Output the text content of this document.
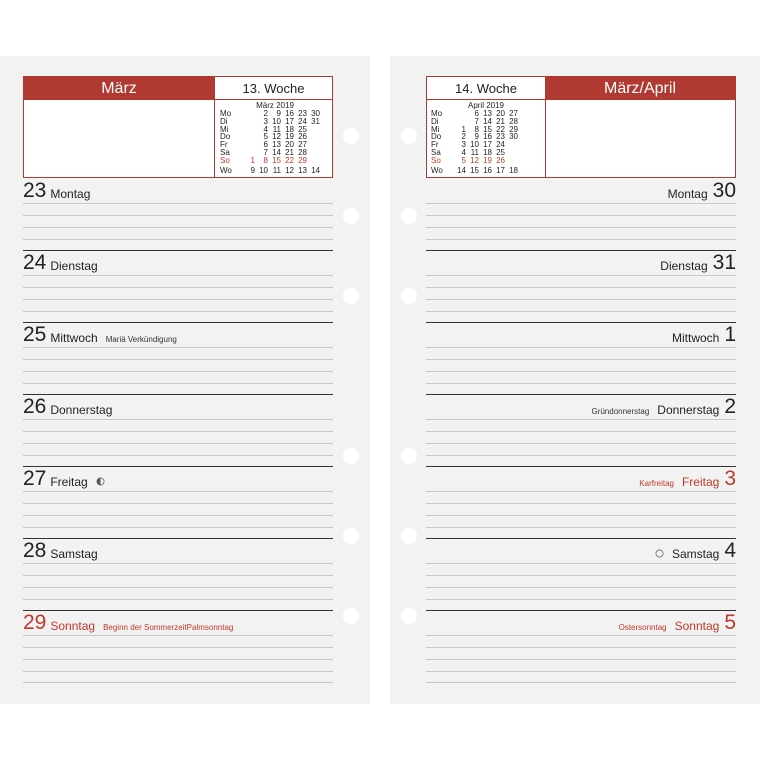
März	13. Woche
März 2019
Mo		2	9	16	23	30
Di		3	10	17	24	31
Mi		4	11	18	25	
Do		5	12	19	26	
Fr		6	13	20	27	
Sa		7	14	21	28	
So	1	8	15	22	29	
Wo	9	10	11	12	13	14
23 Montag
24 Dienstag
25 Mittwoch Mariä Verkündigung
26 Donnerstag
27 Freitag
28 Samstag
29 Sonntag Beginn der SommerzeitPalmsonntag
14. Woche	März/April
April 2019
Mo		6	13	20	27
Di		7	14	21	28
Mi	1	8	15	22	29
Do	2	9	16	23	30
Fr	3	10	17	24	
Sa	4	11	18	25	
So	5	12	19	26	
Wo	14	15	16	17	18
30
Montag
31
Dienstag
1
Mittwoch
2
Donnerstag
Gründonnerstag
3
Freitag
Karfreitag
4
Samstag
5
Sonntag
Ostersonntag
